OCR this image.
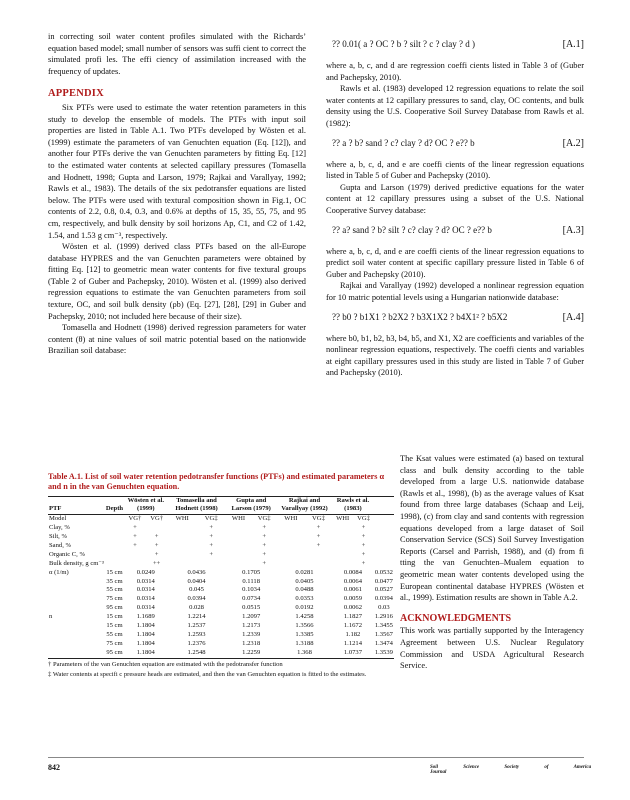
in correcting soil water content profiles simulated with the Richards’ equation based model; small number of sensors was suffi cient to correct the simulated profi les. The effi ciency of assimilation increased with the frequency of updates.

APPENDIX

Six PTFs were used to estimate the water retention parameters in this study to develop the ensemble of models. The PTFs with input soil properties are listed in Table A.1. Two PTFs developed by Wösten et al. (1999) estimate the parameters of van Genuchten equation (Eq. [12]), and another four PTFs derive the van Genuchten parameters by fitting Eq. [12] to the estimated water contents at selected capillary pressures (Tomasella and Hodnett, 1998; Gupta and Larson, 1979; Rajkai and Varallyay, 1992; Rawls et al., 1983). The details of the six pedotransfer equations are listed below. The PTFs were used with textural composition shown in Fig.1, OC contents of 2.2, 0.8, 0.4, 0.3, and 0.6% at depths of 15, 35, 55, 75, and 95 cm, respectively, and bulk density by soil horizons Ap, C1, and C2 of 1.42, 1.54, and 1.53 g cm⁻³, respectively.

Wösten et al. (1999) derived class PTFs based on the all-Europe database HYPRES and the van Genuchten parameters were obtained by fitting Eq. [12] to geometric mean water contents for five textural groups (Table 2 of Guber and Pachepsky, 2010). Wösten et al. (1999) also derived regression equations to estimate the van Genuchten parameters from soil texture, OC, and soil bulk density (ρb) (Eq. [27], [28], [29] in Guber and Pachepsky, 2010; not included here because of their size).

Tomasella and Hodnett (1998) derived regression parameters for water content (θ) at nine values of soil matric potential based on the nationwide Brazilian soil database:

?? 0.01( a ? OC ? b ? silt ? c ? clay ? d )	[A.1]

where a, b, c, and d are regression coeffi cients listed in Table 3 of (Guber and Pachepsky, 2010).

Rawls et al. (1983) developed 12 regression equations to relate the soil water contents at 12 capillary pressures to sand, clay, OC contents, and bulk density using the U.S. Cooperative Soil Survey Database from Rawls et al. (1982):

?? a ? b? sand ? c? clay ? d? OC ? e?? b	[A.2]

where a, b, c, d, and e are coeffi cients of the linear regression equations listed in Table 5 of Guber and Pachepsky (2010).

Gupta and Larson (1979) derived predictive equations for the water content at 12 capillary pressures using a subset of the U.S. National Cooperative Survey database:

?? a? sand ? b? silt ? c? clay ? d? OC ? e?? b	[A.3]

where a, b, c, d, and e are coeffi cients of the linear regression equations to predict soil water content at specific capillary pressure listed in Table 6 of Guber and Pachepsky (2010).

Rajkai and Varallyay (1992) developed a nonlinear regression equation for 10 matric potential levels using a Hungarian nationwide database:

?? b0 ? b1X1 ? b2X2 ? b3X1X2 ? b4X1² ? b5X2	[A.4]

where b0, b1, b2, b3, b4, b5, and X1, X2 are coefficients and variables of the nonlinear regression equations, respectively. The coeffi cients and variables at eight capillary pressures used in this study are listed in Table 7 of Guber and Pachepsky (2010).

Table A.1. List of soil water retention pedotransfer functions (PTFs) and estimated parameters α and n in the van Genuchten equation.
PTF	Depth	Wösten et al. (1999)		Tomasella and Hodnett (1998)		Gupta and Larson (1979)		Rajkai and Varallyay (1992)		Rawls et al. (1983)		
Model		VG†	VG†	WHI	VG‡	WHI	VG‡	WHI	VG‡	WHI	VG‡	
Clay, %		+			+		+		+		+	
Silt, %		+	+		+		+		+		+	
Sand, %		+	+		+		+		+		+	
Organic C, %			+		+		+				+	
Bulk density, g cm⁻³			++				+				+	
α (1/m)	15 cm	0.0249		0.0436		0.1705		0.0281		0.0084		0.0532
	35 cm	0.0314		0.0404		0.1118		0.0405		0.0064		0.0477
	55 cm	0.0314		0.045		0.1034		0.0488		0.0061		0.0527
	75 cm	0.0314		0.0394		0.0734		0.0353		0.0059		0.0394
	95 cm	0.0314		0.028		0.0515		0.0192		0.0062		0.03
n	15 cm	1.1689		1.2214		1.2097		1.4258		1.1827		1.2916
	15 cm	1.1804		1.2537		1.2173		1.3566		1.1672		1.3455
	55 cm	1.1804		1.2593		1.2339		1.3385		1.182		1.3567
	75 cm	1.1804		1.2376		1.2318		1.3188		1.1214		1.3474
	95 cm	1.1804		1.2548		1.2259		1.368		1.0737		1.3539
† Parameters of the van Genuchten equation are estimated with the pedotransfer function
‡ Water contents at specifi c pressure heads are estimated, and then the van Genuchten equation is fitted to the estimates.

The Ksat values were estimated (a) based on textural class and bulk density according to the table developed from a large U.S. nationwide database (Rawls et al., 1998), (b) as the average values of Ksat found from three large databases (Schaap and Leij, 1998), (c) from clay and sand contents with regression equations developed from a large dataset of Soil Conservation Service (SCS) Soil Survey Investigation Reports (Carsel and Parrish, 1988), and (d) from fi tting the van Genuchten–Mualem equation to geometric mean water contents developed using the European continental database HYPRES (Wösten et al., 1999). Estimation results are shown in Table A.2.

ACKNOWLEDGMENTS

This work was partially supported by the Interagency Agreement between U.S. Nuclear Regulatory Commission and USDA Agricultural Research Service.

842	Soil Science Society of America Journal
